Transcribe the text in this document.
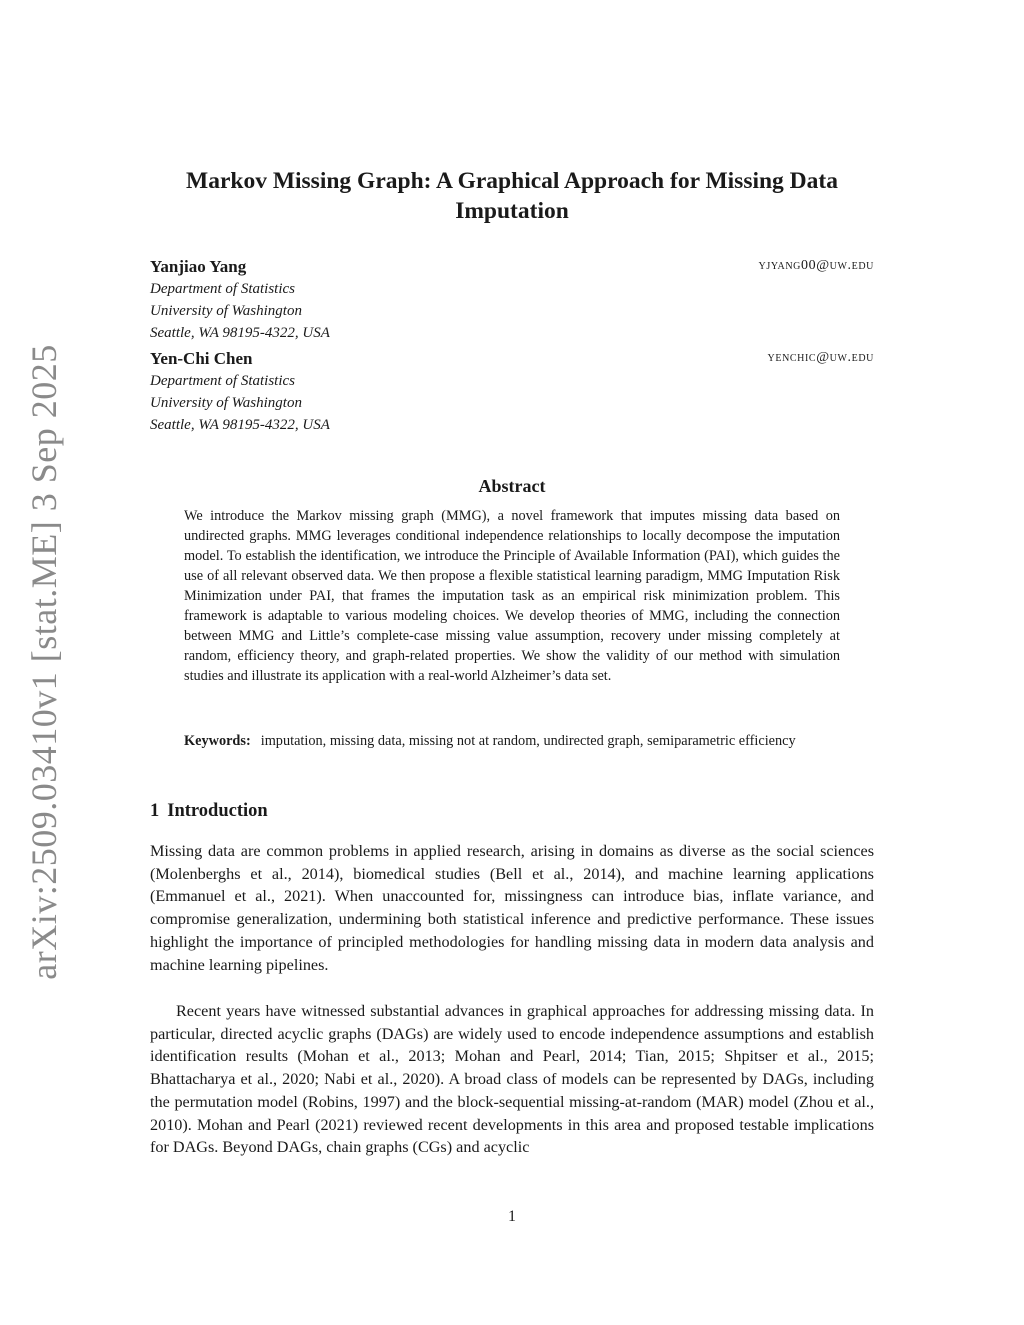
arXiv:2509.03410v1 [stat.ME] 3 Sep 2025
Markov Missing Graph: A Graphical Approach for Missing Data Imputation
Yanjiao Yang	yjyang00@uw.edu
Department of Statistics
University of Washington
Seattle, WA 98195-4322, USA
Yen-Chi Chen	yenchic@uw.edu
Department of Statistics
University of Washington
Seattle, WA 98195-4322, USA
Abstract
We introduce the Markov missing graph (MMG), a novel framework that imputes missing data based on undirected graphs. MMG leverages conditional independence relationships to locally decompose the imputation model. To establish the identification, we introduce the Principle of Available Information (PAI), which guides the use of all relevant observed data. We then propose a flexible statistical learning paradigm, MMG Imputation Risk Minimization under PAI, that frames the imputation task as an empirical risk minimization problem. This framework is adaptable to various modeling choices. We develop theories of MMG, including the connection between MMG and Little’s complete-case missing value assumption, recovery under missing completely at random, efficiency theory, and graph-related properties. We show the validity of our method with simulation studies and illustrate its application with a real-world Alzheimer’s data set.
Keywords: imputation, missing data, missing not at random, undirected graph, semiparametric efficiency
1 Introduction
Missing data are common problems in applied research, arising in domains as diverse as the social sciences (Molenberghs et al., 2014), biomedical studies (Bell et al., 2014), and machine learning applications (Emmanuel et al., 2021). When unaccounted for, missingness can introduce bias, inflate variance, and compromise generalization, undermining both statistical inference and predictive performance. These issues highlight the importance of principled methodologies for handling missing data in modern data analysis and machine learning pipelines.
Recent years have witnessed substantial advances in graphical approaches for addressing missing data. In particular, directed acyclic graphs (DAGs) are widely used to encode independence assumptions and establish identification results (Mohan et al., 2013; Mohan and Pearl, 2014; Tian, 2015; Shpitser et al., 2015; Bhattacharya et al., 2020; Nabi et al., 2020). A broad class of models can be represented by DAGs, including the permutation model (Robins, 1997) and the block-sequential missing-at-random (MAR) model (Zhou et al., 2010). Mohan and Pearl (2021) reviewed recent developments in this area and proposed testable implications for DAGs. Beyond DAGs, chain graphs (CGs) and acyclic
1
